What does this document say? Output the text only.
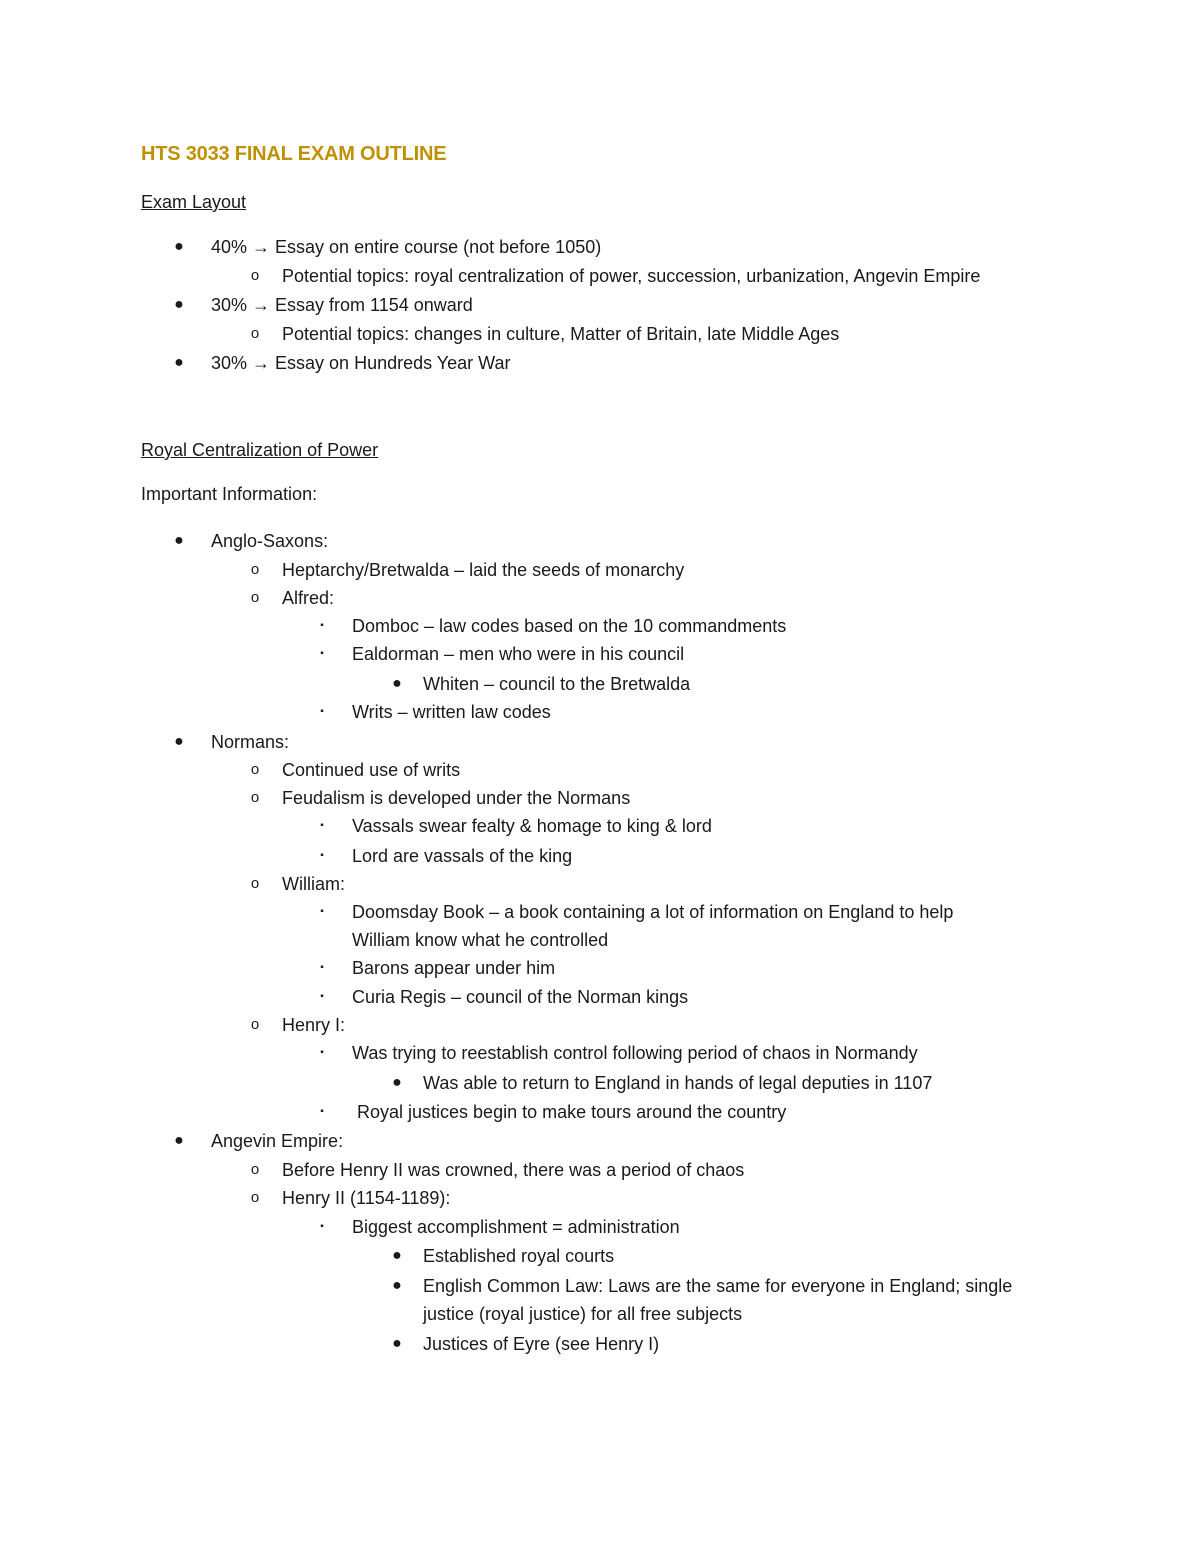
HTS 3033 FINAL EXAM OUTLINE
Exam Layout
● 40% → Essay on entire course (not before 1050)
o Potential topics: royal centralization of power, succession, urbanization, Angevin Empire
● 30% → Essay from 1154 onward
o Potential topics: changes in culture, Matter of Britain, late Middle Ages
● 30% → Essay on Hundreds Year War
Royal Centralization of Power
Important Information:
● Anglo-Saxons:
o Heptarchy/Bretwalda – laid the seeds of monarchy
o Alfred:
▪	Domboc – law codes based on the 10 commandments
▪	Ealdorman – men who were in his council
● Whiten – council to the Bretwalda
▪	Writs – written law codes
● Normans:
o Continued use of writs
o Feudalism is developed under the Normans
▪	Vassals swear fealty & homage to king & lord
▪	Lord are vassals of the king
o William:
▪	Doomsday Book – a book containing a lot of information on England to help
William know what he controlled
▪	Barons appear under him
▪	Curia Regis – council of the Norman kings
o Henry I:
▪	Was trying to reestablish control following period of chaos in Normandy
● Was able to return to England in hands of legal deputies in 1107
▪	Royal justices begin to make tours around the country
● Angevin Empire:
o Before Henry II was crowned, there was a period of chaos
o Henry II (1154-1189):
▪	Biggest accomplishment = administration
● Established royal courts
● English Common Law: Laws are the same for everyone in England; single
justice (royal justice) for all free subjects
● Justices of Eyre (see Henry I)
